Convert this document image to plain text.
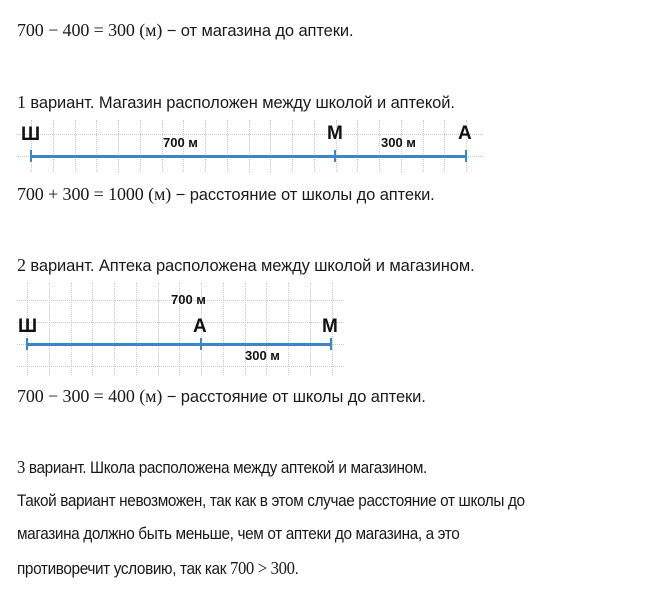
700 − 400 = 300 (м) − от магазина до аптеки.
1 вариант. Магазин расположен между школой и аптекой.
Ш	М	А
700 м	300 м
700 + 300 = 1000 (м) − расстояние от школы до аптеки.
2 вариант. Аптека расположена между школой и магазином.
Ш	А	М
700 м
300 м
700 − 300 = 400 (м) − расстояние от школы до аптеки.
3 вариант. Школа расположена между аптекой и магазином.
Такой вариант невозможен, так как в этом случае расстояние от школы до
магазина должно быть меньше, чем от аптеки до магазина, а это
противоречит условию, так как 700 > 300.
